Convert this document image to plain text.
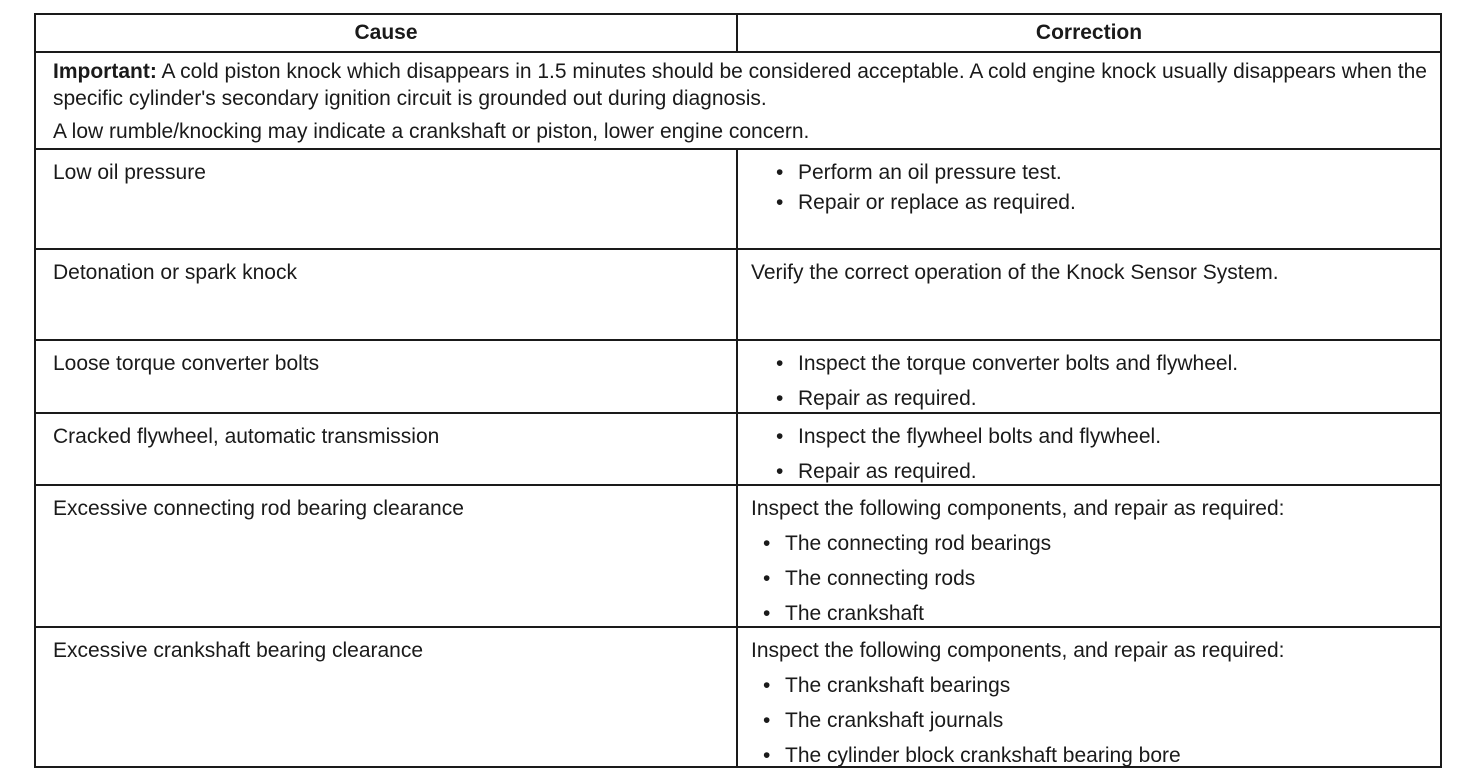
Cause	Correction
Important: A cold piston knock which disappears in 1.5 minutes should be considered acceptable. A cold engine knock usually disappears when the specific cylinder's secondary ignition circuit is grounded out during diagnosis.
A low rumble/knocking may indicate a crankshaft or piston, lower engine concern.
Low oil pressure	• Perform an oil pressure test.
• Repair or replace as required.
Detonation or spark knock	Verify the correct operation of the Knock Sensor System.
Loose torque converter bolts	• Inspect the torque converter bolts and flywheel.
• Repair as required.
Cracked flywheel, automatic transmission	• Inspect the flywheel bolts and flywheel.
• Repair as required.
Excessive connecting rod bearing clearance	Inspect the following components, and repair as required:
• The connecting rod bearings
• The connecting rods
• The crankshaft
Excessive crankshaft bearing clearance	Inspect the following components, and repair as required:
• The crankshaft bearings
• The crankshaft journals
• The cylinder block crankshaft bearing bore
